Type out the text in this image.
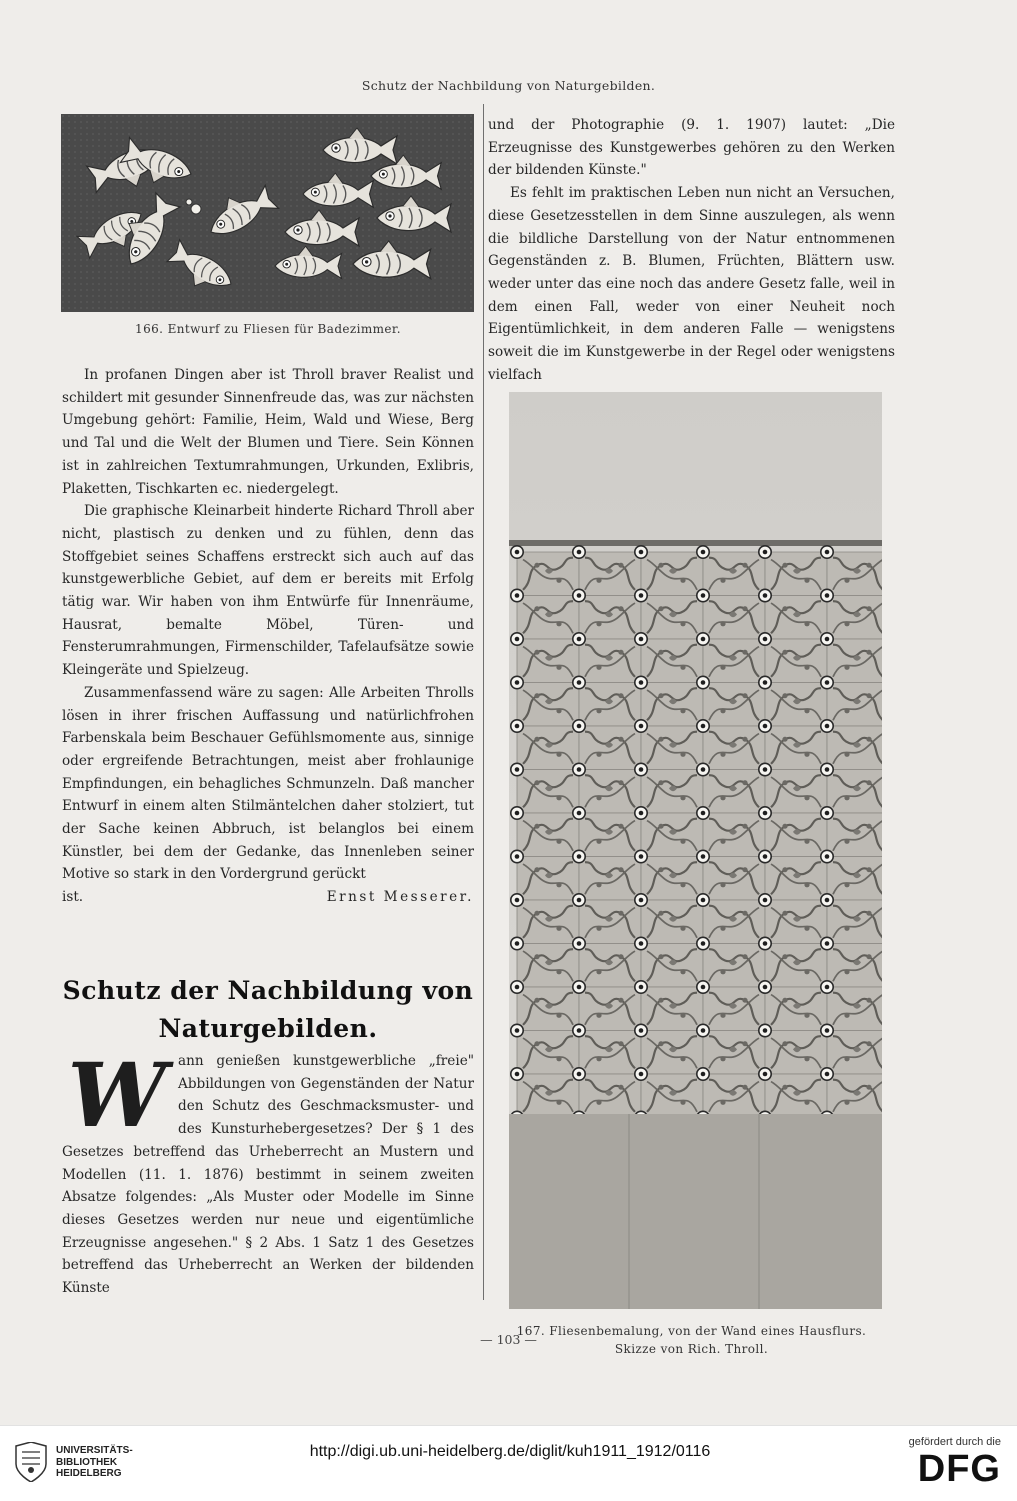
Schutz der Nachbildung von Naturgebilden.
166. Entwurf zu Fliesen für Badezimmer.

In profanen Dingen aber ist Throll braver Realist und schildert mit gesunder Sinnenfreude das, was zur nächsten Umgebung gehört: Familie, Heim, Wald und Wiese, Berg und Tal und die Welt der Blumen und Tiere. Sein Können ist in zahlreichen Textumrahmungen, Urkunden, Exlibris, Plaketten, Tischkarten ec. niedergelegt.

Die graphische Kleinarbeit hinderte Richard Throll aber nicht, plastisch zu denken und zu fühlen, denn das Stoffgebiet seines Schaffens erstreckt sich auch auf das kunstgewerbliche Gebiet, auf dem er bereits mit Erfolg tätig war. Wir haben von ihm Entwürfe für Innenräume, Hausrat, bemalte Möbel, Türen- und Fensterumrahmungen, Firmenschilder, Tafelaufsätze sowie Kleingeräte und Spielzeug.

Zusammenfassend wäre zu sagen: Alle Arbeiten Throlls lösen in ihrer frischen Auffassung und natürlichfrohen Farbenskala beim Beschauer Gefühlsmomente aus, sinnige oder ergreifende Betrachtungen, meist aber frohlaunige Empfindungen, ein behagliches Schmunzeln. Daß mancher Entwurf in einem alten Stilmäntelchen daher stolziert, tut der Sache keinen Abbruch, ist belanglos bei einem Künstler, bei dem der Gedanke, das Innenleben seiner Motive so stark in den Vordergrund gerückt

ist.	Ernst Messerer.
Schutz der Nachbildung von
Naturgebilden.
W ann genießen kunstgewerbliche „freie" Abbildungen von Gegenständen der Natur den Schutz des Geschmacksmuster- und des Kunsturhebergesetzes? Der § 1 des Gesetzes betreffend das Urheberrecht an Mustern und Modellen (11. 1. 1876) bestimmt in seinem zweiten Absatze folgendes: „Als Muster oder Modelle im Sinne dieses Gesetzes werden nur neue und eigentümliche Erzeugnisse angesehen." § 2 Abs. 1 Satz 1 des Gesetzes betreffend das Urheberrecht an Werken der bildenden Künste

und der Photographie (9. 1. 1907) lautet: „Die Erzeugnisse des Kunstgewerbes gehören zu den Werken der bildenden Künste."

Es fehlt im praktischen Leben nun nicht an Versuchen, diese Gesetzesstellen in dem Sinne auszulegen, als wenn die bildliche Darstellung von der Natur entnommenen Gegenständen z. B. Blumen, Früchten, Blättern usw. weder unter das eine noch das andere Gesetz falle, weil in dem einen Fall, weder von einer Neuheit noch Eigentümlichkeit, in dem anderen Falle — wenigstens soweit die im Kunstgewerbe in der Regel oder wenigstens vielfach

167. Fliesenbemalung, von der Wand eines Hausflurs.
Skizze von Rich. Throll.
— 103 —
UNIVERSITÄTS-
BIBLIOTHEK
HEIDELBERG
http://digi.ub.uni-heidelberg.de/diglit/kuh1911_1912/0116
gefördert durch die
DFG
